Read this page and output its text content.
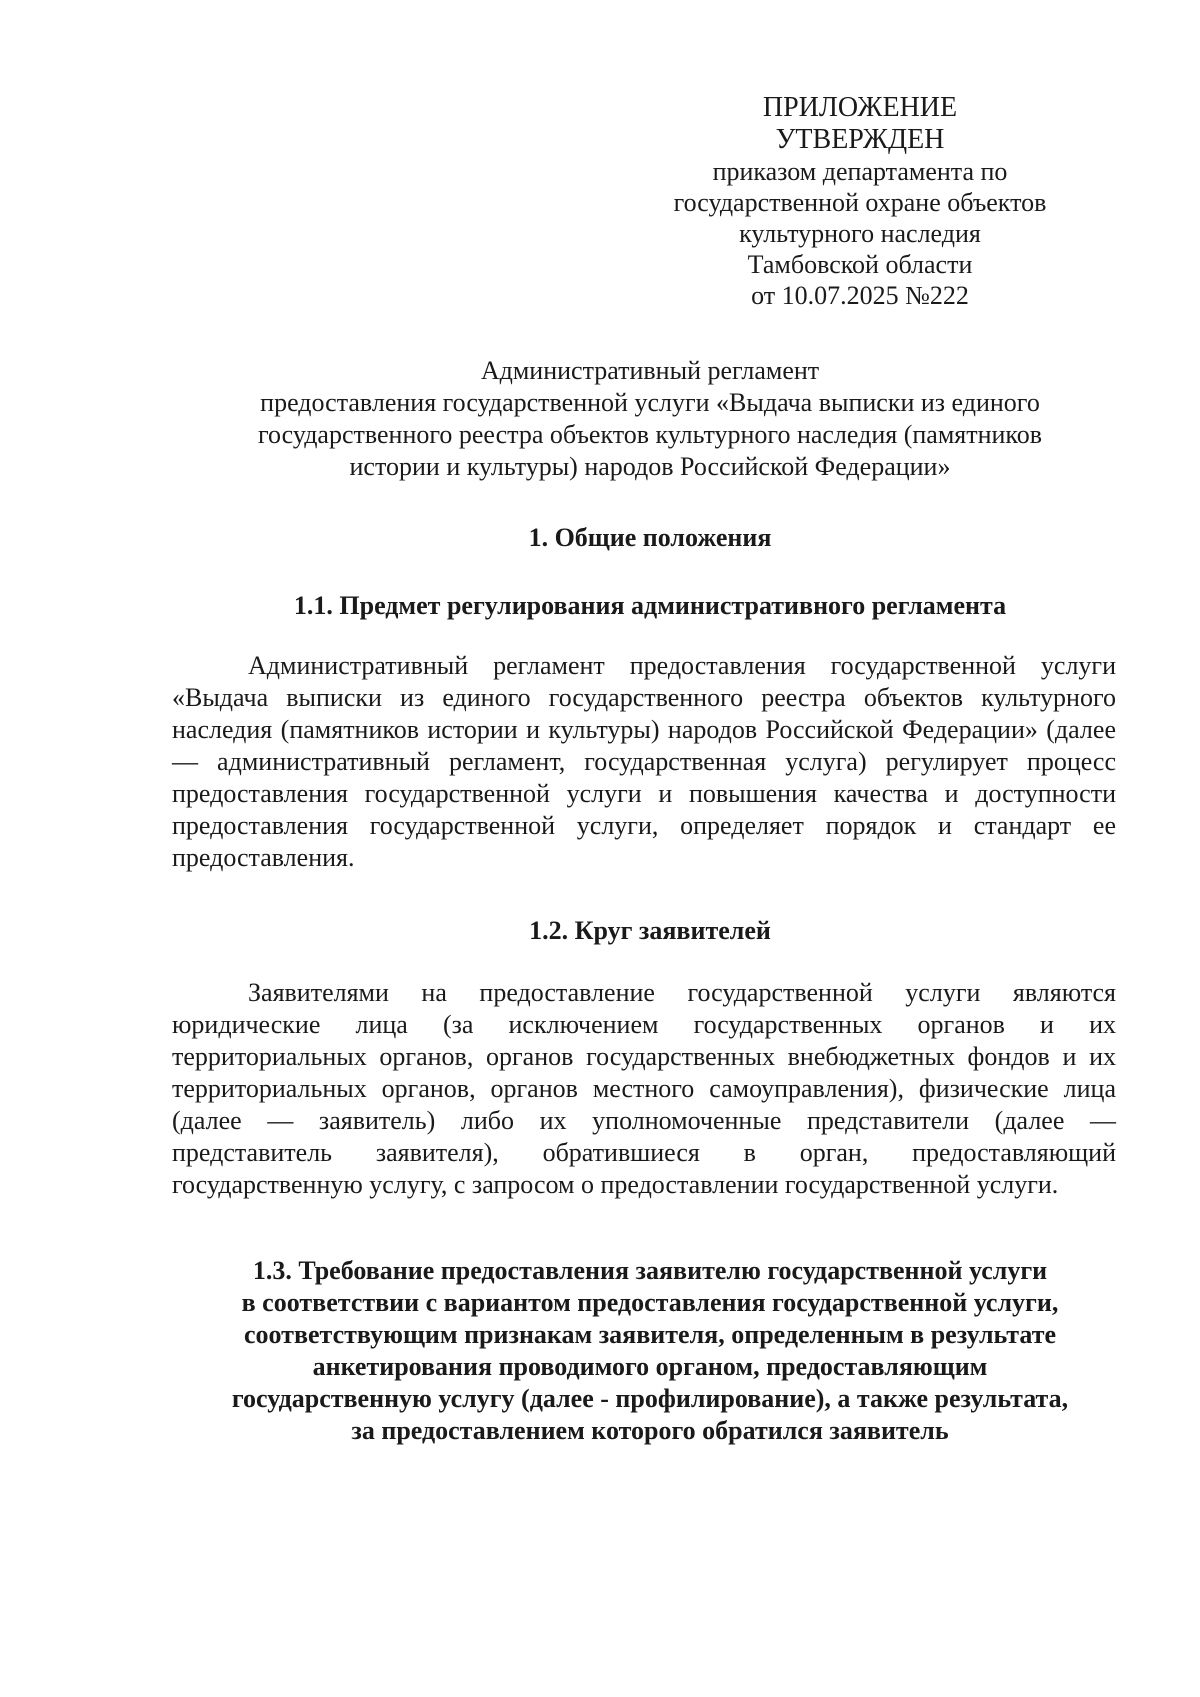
ПРИЛОЖЕНИЕ
УТВЕРЖДЕН
приказом департамента по
государственной охране объектов
культурного наследия
Тамбовской области
от 10.07.2025 №222
Административный регламент
предоставления государственной услуги «Выдача выписки из единого
государственного реестра объектов культурного наследия (памятников
истории и культуры) народов Российской Федерации»
1. Общие положения
1.1. Предмет регулирования административного регламента
Административный регламент предоставления государственной услуги «Выдача выписки из единого государственного реестра объектов культурного наследия (памятников истории и культуры) народов Российской Федерации» (далее — административный регламент, государственная услуга) регулирует процесс предоставления государственной услуги и повышения качества и доступности предоставления государственной услуги, определяет порядок и стандарт ее предоставления.
1.2. Круг заявителей
Заявителями на предоставление государственной услуги являются юридические лица (за исключением государственных органов и их территориальных органов, органов государственных внебюджетных фондов и их территориальных органов, органов местного самоуправления), физические лица (далее — заявитель) либо их уполномоченные представители (далее — представитель заявителя), обратившиеся в орган, предоставляющий государственную услугу, с запросом о предоставлении государственной услуги.
1.3. Требование предоставления заявителю государственной услуги
в соответствии с вариантом предоставления государственной услуги,
соответствующим признакам заявителя, определенным в результате
анкетирования проводимого органом, предоставляющим
государственную услугу (далее - профилирование), а также результата,
за предоставлением которого обратился заявитель
